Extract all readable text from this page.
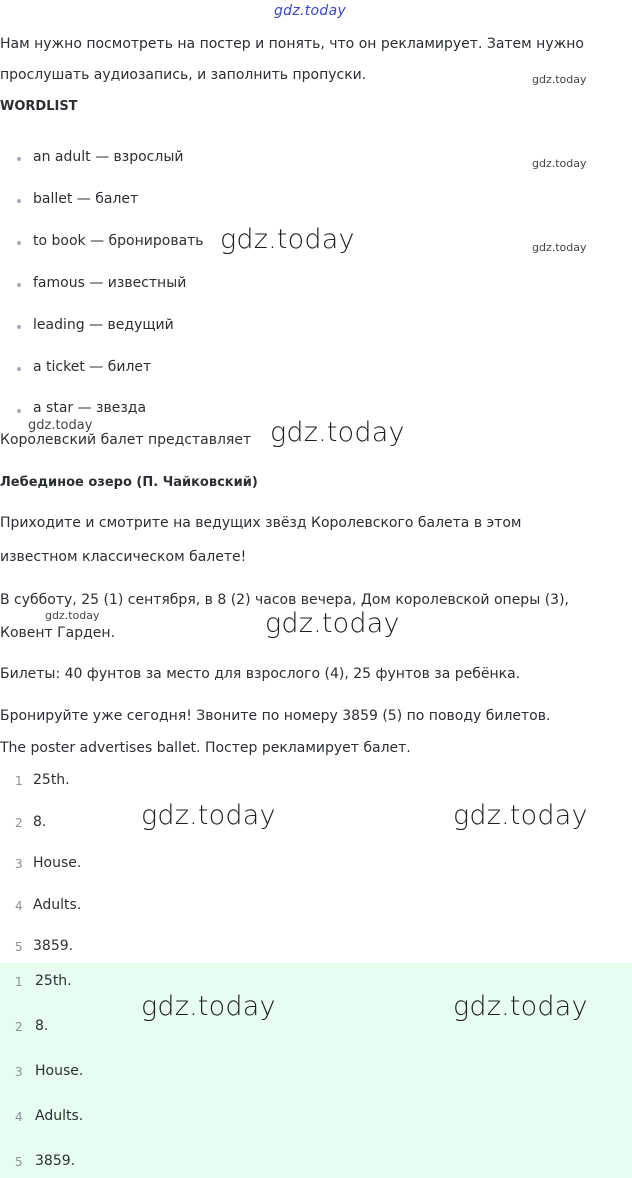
gdz.today
Нам нужно посмотреть на постер и понять, что он рекламирует. Затем нужно
прослушать аудиозапись, и заполнить пропуски.	gdz.today
WORDLIST
an adult — взрослый
ballet — балет
to book — бронировать
famous — известный
leading — ведущий
a ticket — билет
a star — звезда
gdz.today
gdz.today
gdz.today
gdz.today
Королевский балет представляет gdz.today
Лебединое озеро (П. Чайковский)
Приходите и смотрите на ведущих звёзд Королевского балета в этом
известном классическом балете!
В субботу, 25 (1) сентября, в 8 (2) часов вечера, Дом королевской оперы (3),
gdz.today
Ковент Гарден.	gdz.today
Билеты: 40 фунтов за место для взрослого (4), 25 фунтов за ребёнка.
Бронируйте уже сегодня! Звоните по номеру 3859 (5) по поводу билетов.
The poster advertises ballet. Постер рекламирует балет.
1 25th.
2 8.
3 House.
4 Adults.
5 3859.
gdz.today	gdz.today
1 25th.
2 8.
3 House.
4 Adults.
5 3859.
gdz.today	gdz.today
